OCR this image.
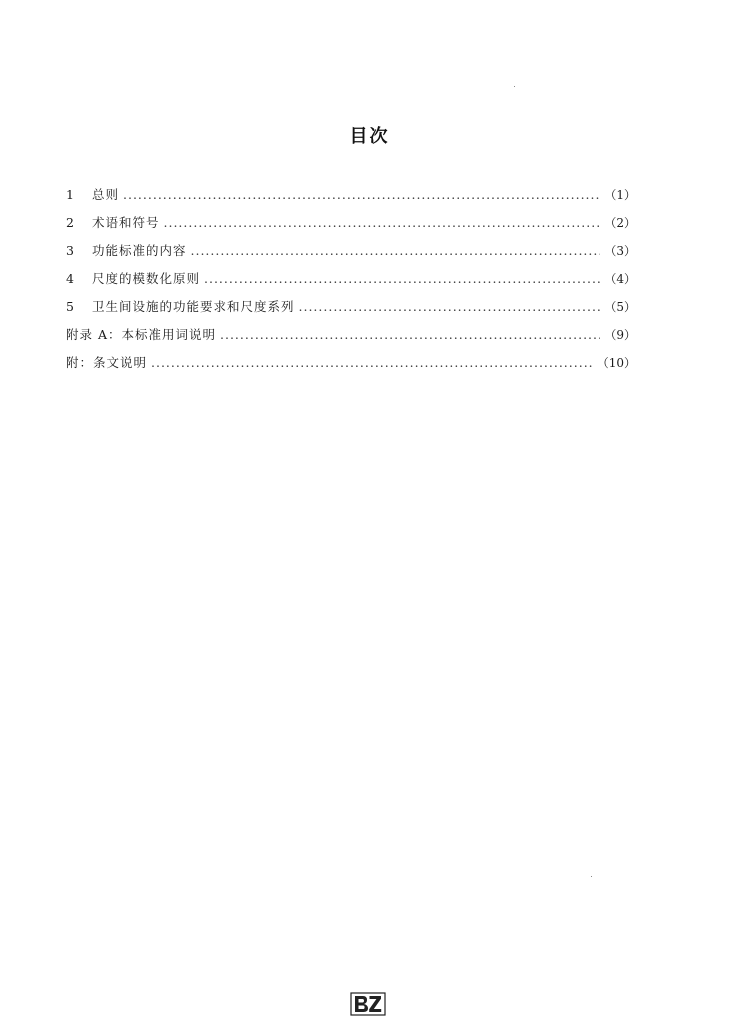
目次
1	总则 .....	（1）
2	术语和符号 .....	（2）
3	功能标准的内容 .....	（3）
4	尺度的模数化原则 .....	（4）
5	卫生间设施的功能要求和尺度系列 .....	（5）
附录 A：本标准用词说明 .....	（9）
附：条文说明 .....	（10）
